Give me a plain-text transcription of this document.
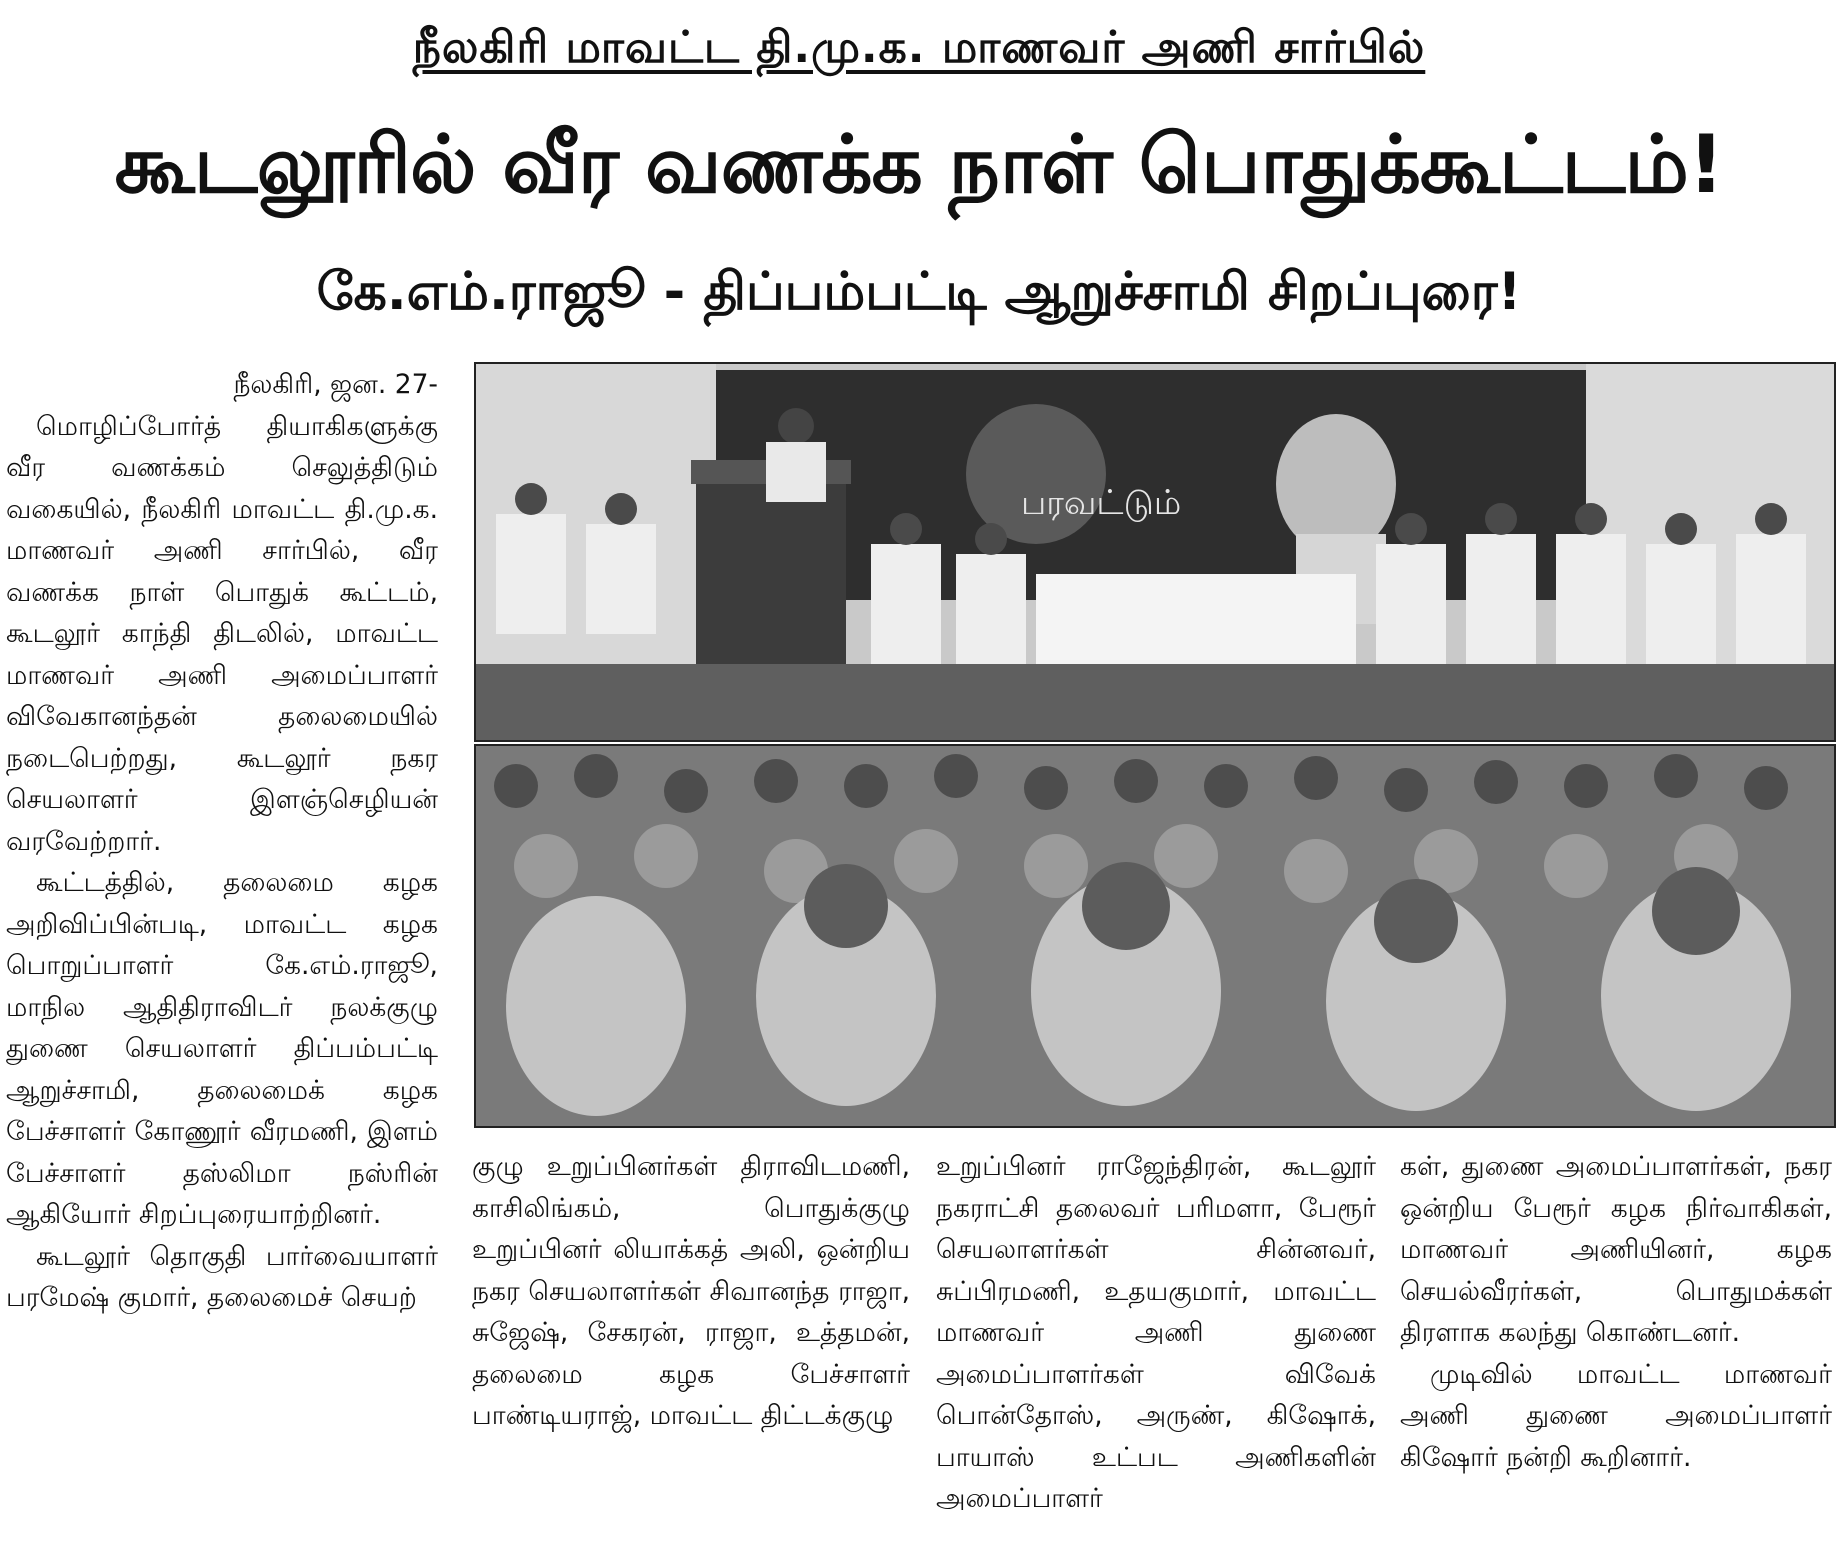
நீலகிரி மாவட்ட தி.மு.க. மாணவர் அணி சார்பில்
கூடலூரில் வீர வணக்க நாள் பொதுக்கூட்டம்!
கே.எம்.ராஜூ - திப்பம்பட்டி ஆறுச்சாமி சிறப்புரை!

நீலகிரி, ஜன. 27-

மொழிப்போர்த் தியாகிகளுக்கு வீர வணக்கம் செலுத்திடும் வகையில், நீலகிரி மாவட்ட தி.மு.க. மாணவர் அணி சார்பில், வீர வணக்க நாள் பொதுக் கூட்டம், கூடலூர் காந்தி திடலில், மாவட்ட மாணவர் அணி அமைப்பாளர் விவேகானந்தன் தலைமையில் நடைபெற்றது, கூடலூர் நகர செயலாளர் இளஞ்செழியன் வரவேற்றார்.

கூட்டத்தில், தலைமை கழக அறிவிப்பின்படி, மாவட்ட கழக பொறுப்பாளர் கே.எம்.ராஜூ, மாநில ஆதிதிராவிடர் நலக்குழு துணை செயலாளர் திப்பம்பட்டி ஆறுச்சாமி, தலைமைக் கழக பேச்சாளர் கோணூர் வீரமணி, இளம் பேச்சாளர் தஸ்லிமா நஸ்ரின் ஆகியோர் சிறப்புரையாற்றினர்.

கூடலூர் தொகுதி பார்வையாளர் பரமேஷ் குமார், தலைமைச் செயற்

பரவட்டும்

குழு உறுப்பினர்கள் திராவிடமணி, காசிலிங்கம், பொதுக்குழு உறுப்பினர் லியாக்கத் அலி, ஒன்றிய நகர செயலாளர்கள் சிவானந்த ராஜா, சுஜேஷ், சேகரன், ராஜா, உத்தமன், தலைமை கழக பேச்சாளர் பாண்டியராஜ், மாவட்ட திட்டக்குழு

உறுப்பினர் ராஜேந்திரன், கூடலூர் நகராட்சி தலைவர் பரிமளா, பேரூர் செயலாளர்கள் சின்னவர், சுப்பிரமணி, உதயகுமார், மாவட்ட மாணவர் அணி துணை அமைப்பாளர்கள் விவேக் பொன்தோஸ், அருண், கிஷோக், பாயாஸ் உட்பட அணிகளின் அமைப்பாளர்

கள், துணை அமைப்பாளர்கள், நகர ஒன்றிய பேரூர் கழக நிர்வாகிகள், மாணவர் அணியினர், கழக செயல்வீரர்கள், பொதுமக்கள் திரளாக கலந்து கொண்டனர்.

முடிவில் மாவட்ட மாணவர் அணி துணை அமைப்பாளர் கிஷோர் நன்றி கூறினார்.
